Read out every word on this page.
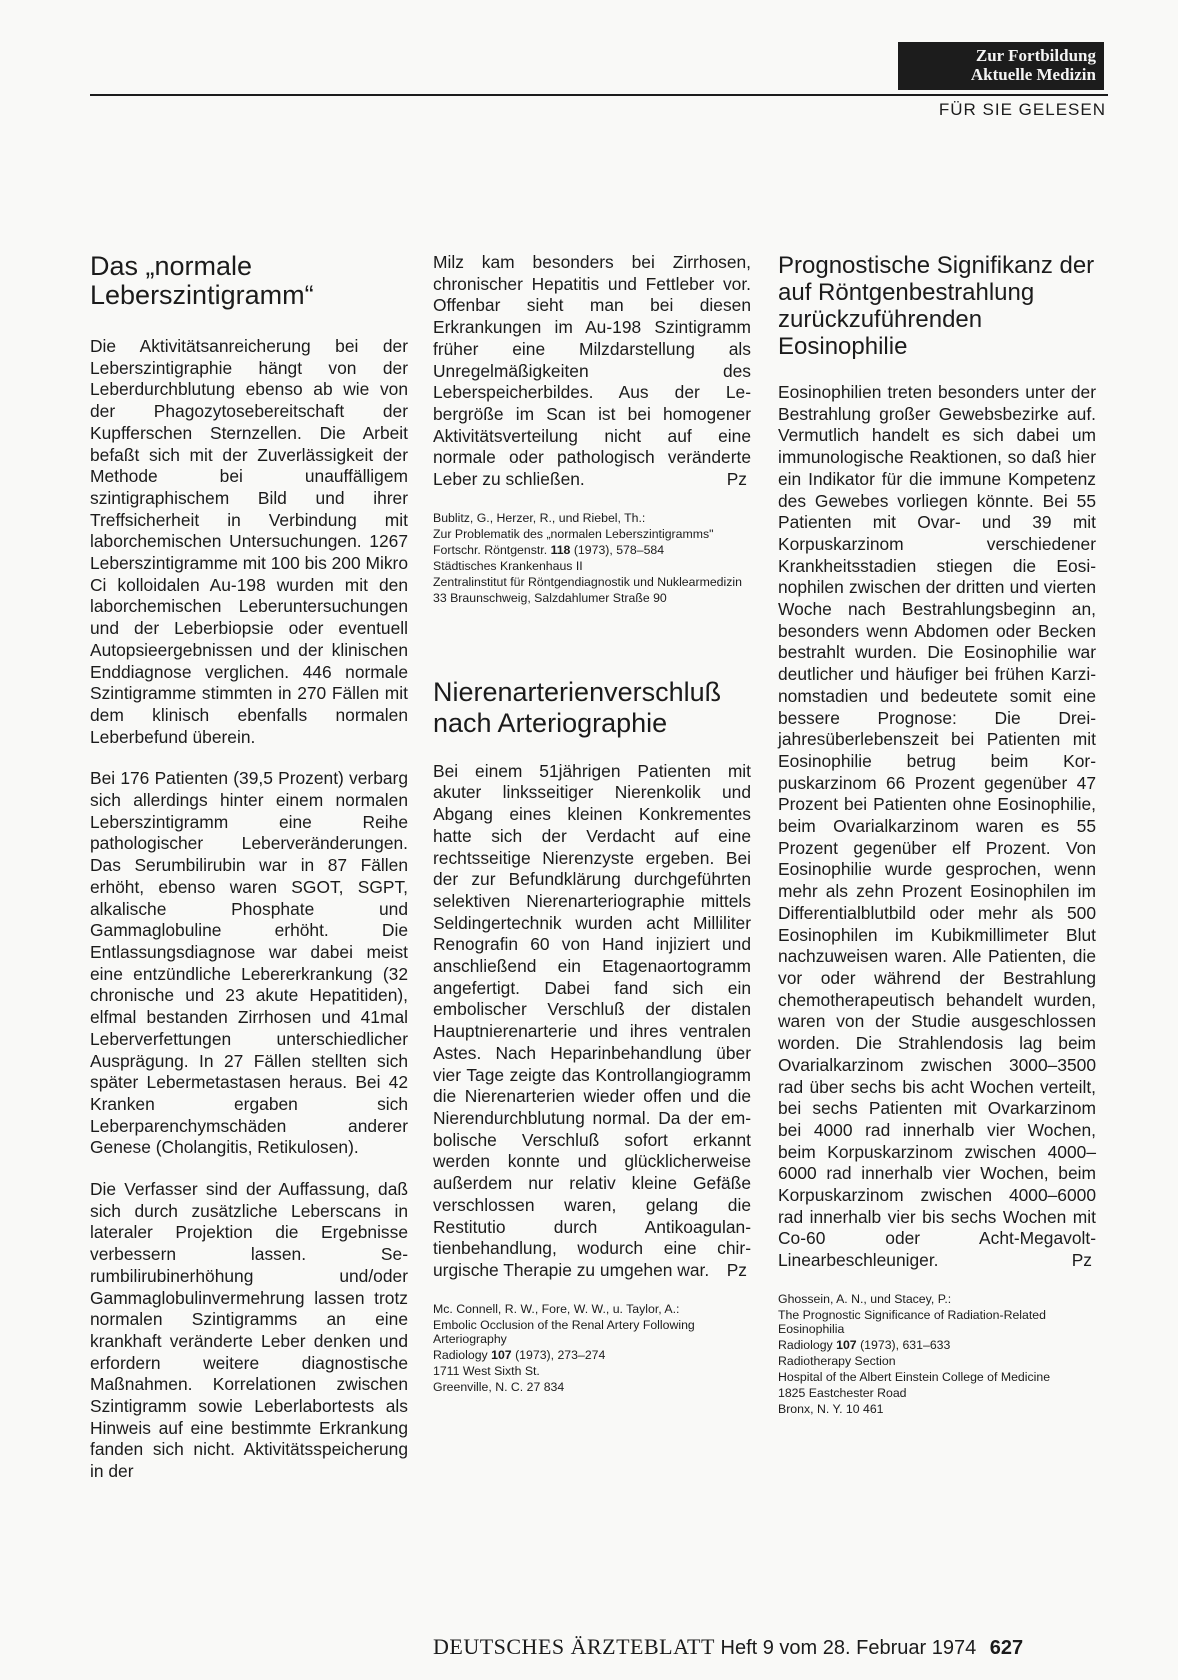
Zur Fortbildung
Aktuelle Medizin
FÜR SIE GELESEN
Das „normale Leberszintigramm“

Die Aktivitätsanreicherung bei der Leberszintigraphie hängt von der Leberdurchblutung ebenso ab wie von der Phagozytosebereitschaft der Kupfferschen Sternzellen. Die Arbeit befaßt sich mit der Zuverlässigkeit der Methode bei unauffälligem szintigraphischem Bild und ihrer Treffsicherheit in Verbindung mit laborchemischen Untersuchungen. 1267 Leberszintigramme mit 100 bis 200 Mikro Ci kolloidalen Au-198 wurden mit den laborchemischen Leberuntersuchungen und der Leberbiopsie oder eventuell Autopsieergebnissen und der klinischen Enddiagnose verglichen. 446 normale Szintigramme stimmten in 270 Fällen mit dem klinisch ebenfalls normalen Leberbefund überein.

Bei 176 Patienten (39,5 Prozent) verbarg sich allerdings hinter einem normalen Leberszintigramm eine Reihe pathologischer Leberveränderungen. Das Serumbilirubin war in 87 Fällen erhöht, ebenso waren SGOT, SGPT, alkalische Phosphate und Gammaglobuline erhöht. Die Entlassungsdiagnose war dabei meist eine entzündliche Lebererkrankung (32 chronische und 23 akute Hepatitiden), elfmal bestanden Zirrhosen und 41mal Leberverfettungen unterschiedlicher Ausprägung. In 27 Fällen stellten sich später Lebermetastasen heraus. Bei 42 Kranken ergaben sich Leberparenchymschäden anderer Genese (Cholangitis, Retikulosen).

Die Verfasser sind der Auffassung, daß sich durch zusätzliche Leberscans in lateraler Projektion die Ergebnisse verbessern lassen. Serumbilirubinerhöhung und/oder Gammaglobulinvermehrung lassen trotz normalen Szintigramms an eine krankhaft veränderte Leber denken und erfordern weitere diagnostische Maßnahmen. Korrelationen zwischen Szintigramm sowie Leberlabortests als Hinweis auf eine bestimmte Erkrankung fanden sich nicht. Aktivitätsspeicherung in der

Milz kam besonders bei Zirrhosen, chronischer Hepatitis und Fettleber vor. Offenbar sieht man bei diesen Erkrankungen im Au-198 Szintigramm früher eine Milzdarstellung als Unregelmäßigkeiten des Leberspeicherbildes. Aus der Lebergröße im Scan ist bei homogener Aktivitätsverteilung nicht auf eine normale oder pathologisch veränderte Leber zu schließen.	Pz

Bublitz, G., Herzer, R., und Riebel, Th.:
Zur Problematik des „normalen Leberszintigramms"
Fortschr. Röntgenstr. 118 (1973), 578–584
Städtisches Krankenhaus II
Zentralinstitut für Röntgendiagnostik und Nuklearmedizin
33 Braunschweig, Salzdahlumer Straße 90
Nierenarterienverschluß nach Arteriographie

Bei einem 51jährigen Patienten mit akuter linksseitiger Nierenkolik und Abgang eines kleinen Konkrementes hatte sich der Verdacht auf eine rechtsseitige Nierenzyste ergeben. Bei der zur Befundklärung durchgeführten selektiven Nierenarteriographie mittels Seldingertechnik wurden acht Milliliter Renografin 60 von Hand injiziert und anschließend ein Etagenaortogramm angefertigt. Dabei fand sich ein embolischer Verschluß der distalen Hauptnierenarterie und ihres ventralen Astes. Nach Heparinbehandlung über vier Tage zeigte das Kontrollangiogramm die Nierenarterien wieder offen und die Nierendurchblutung normal. Da der embolische Verschluß sofort erkannt werden konnte und glücklicherweise außerdem nur relativ kleine Gefäße verschlossen waren, gelang die Restitutio durch Antikoagulantienbehandlung, wodurch eine chirurgische Therapie zu umgehen war. Pz

Mc. Connell, R. W., Fore, W. W., u. Taylor, A.:
Embolic Occlusion of the Renal Artery Following Arteriography
Radiology 107 (1973), 273–274
1711 West Sixth St.
Greenville, N. C. 27 834
Prognostische Signifikanz der auf Röntgenbestrahlung zurückzuführenden Eosinophilie

Eosinophilien treten besonders unter der Bestrahlung großer Gewebsbezirke auf. Vermutlich handelt es sich dabei um immunologische Reaktionen, so daß hier ein Indikator für die immune Kompetenz des Gewebes vorliegen könnte. Bei 55 Patienten mit Ovar- und 39 mit Korpuskarzinom verschiedener Krankheitsstadien stiegen die Eosinophilen zwischen der dritten und vierten Woche nach Bestrahlungsbeginn an, besonders wenn Abdomen oder Becken bestrahlt wurden. Die Eosinophilie war deutlicher und häufiger bei frühen Karzinomstadien und bedeutete somit eine bessere Prognose: Die Dreijahresüberlebenszeit bei Patienten mit Eosinophilie betrug beim Korpuskarzinom 66 Prozent gegenüber 47 Prozent bei Patienten ohne Eosinophilie, beim Ovarialkarzinom waren es 55 Prozent gegenüber elf Prozent. Von Eosinophilie wurde gesprochen, wenn mehr als zehn Prozent Eosinophilen im Differentialblutbild oder mehr als 500 Eosinophilen im Kubikmillimeter Blut nachzuweisen waren. Alle Patienten, die vor oder während der Bestrahlung chemotherapeutisch behandelt wurden, waren von der Studie ausgeschlossen worden. Die Strahlendosis lag beim Ovarialkarzinom zwischen 3000–3500 rad über sechs bis acht Wochen verteilt, bei sechs Patienten mit Ovarkarzinom bei 4000 rad innerhalb vier Wochen, beim Korpuskarzinom zwischen 4000–6000 rad innerhalb vier Wochen, beim Korpuskarzinom zwischen 4000–6000 rad innerhalb vier bis sechs Wochen mit Co-60 oder Acht-Megavolt-Linearbeschleuniger.	Pz

Ghossein, A. N., und Stacey, P.:
The Prognostic Significance of Radiation-Related Eosinophilia
Radiology 107 (1973), 631–633
Radiotherapy Section
Hospital of the Albert Einstein College of Medicine
1825 Eastchester Road
Bronx, N. Y. 10 461
DEUTSCHES ÄRZTEBLATT Heft 9 vom 28. Februar 1974 627
